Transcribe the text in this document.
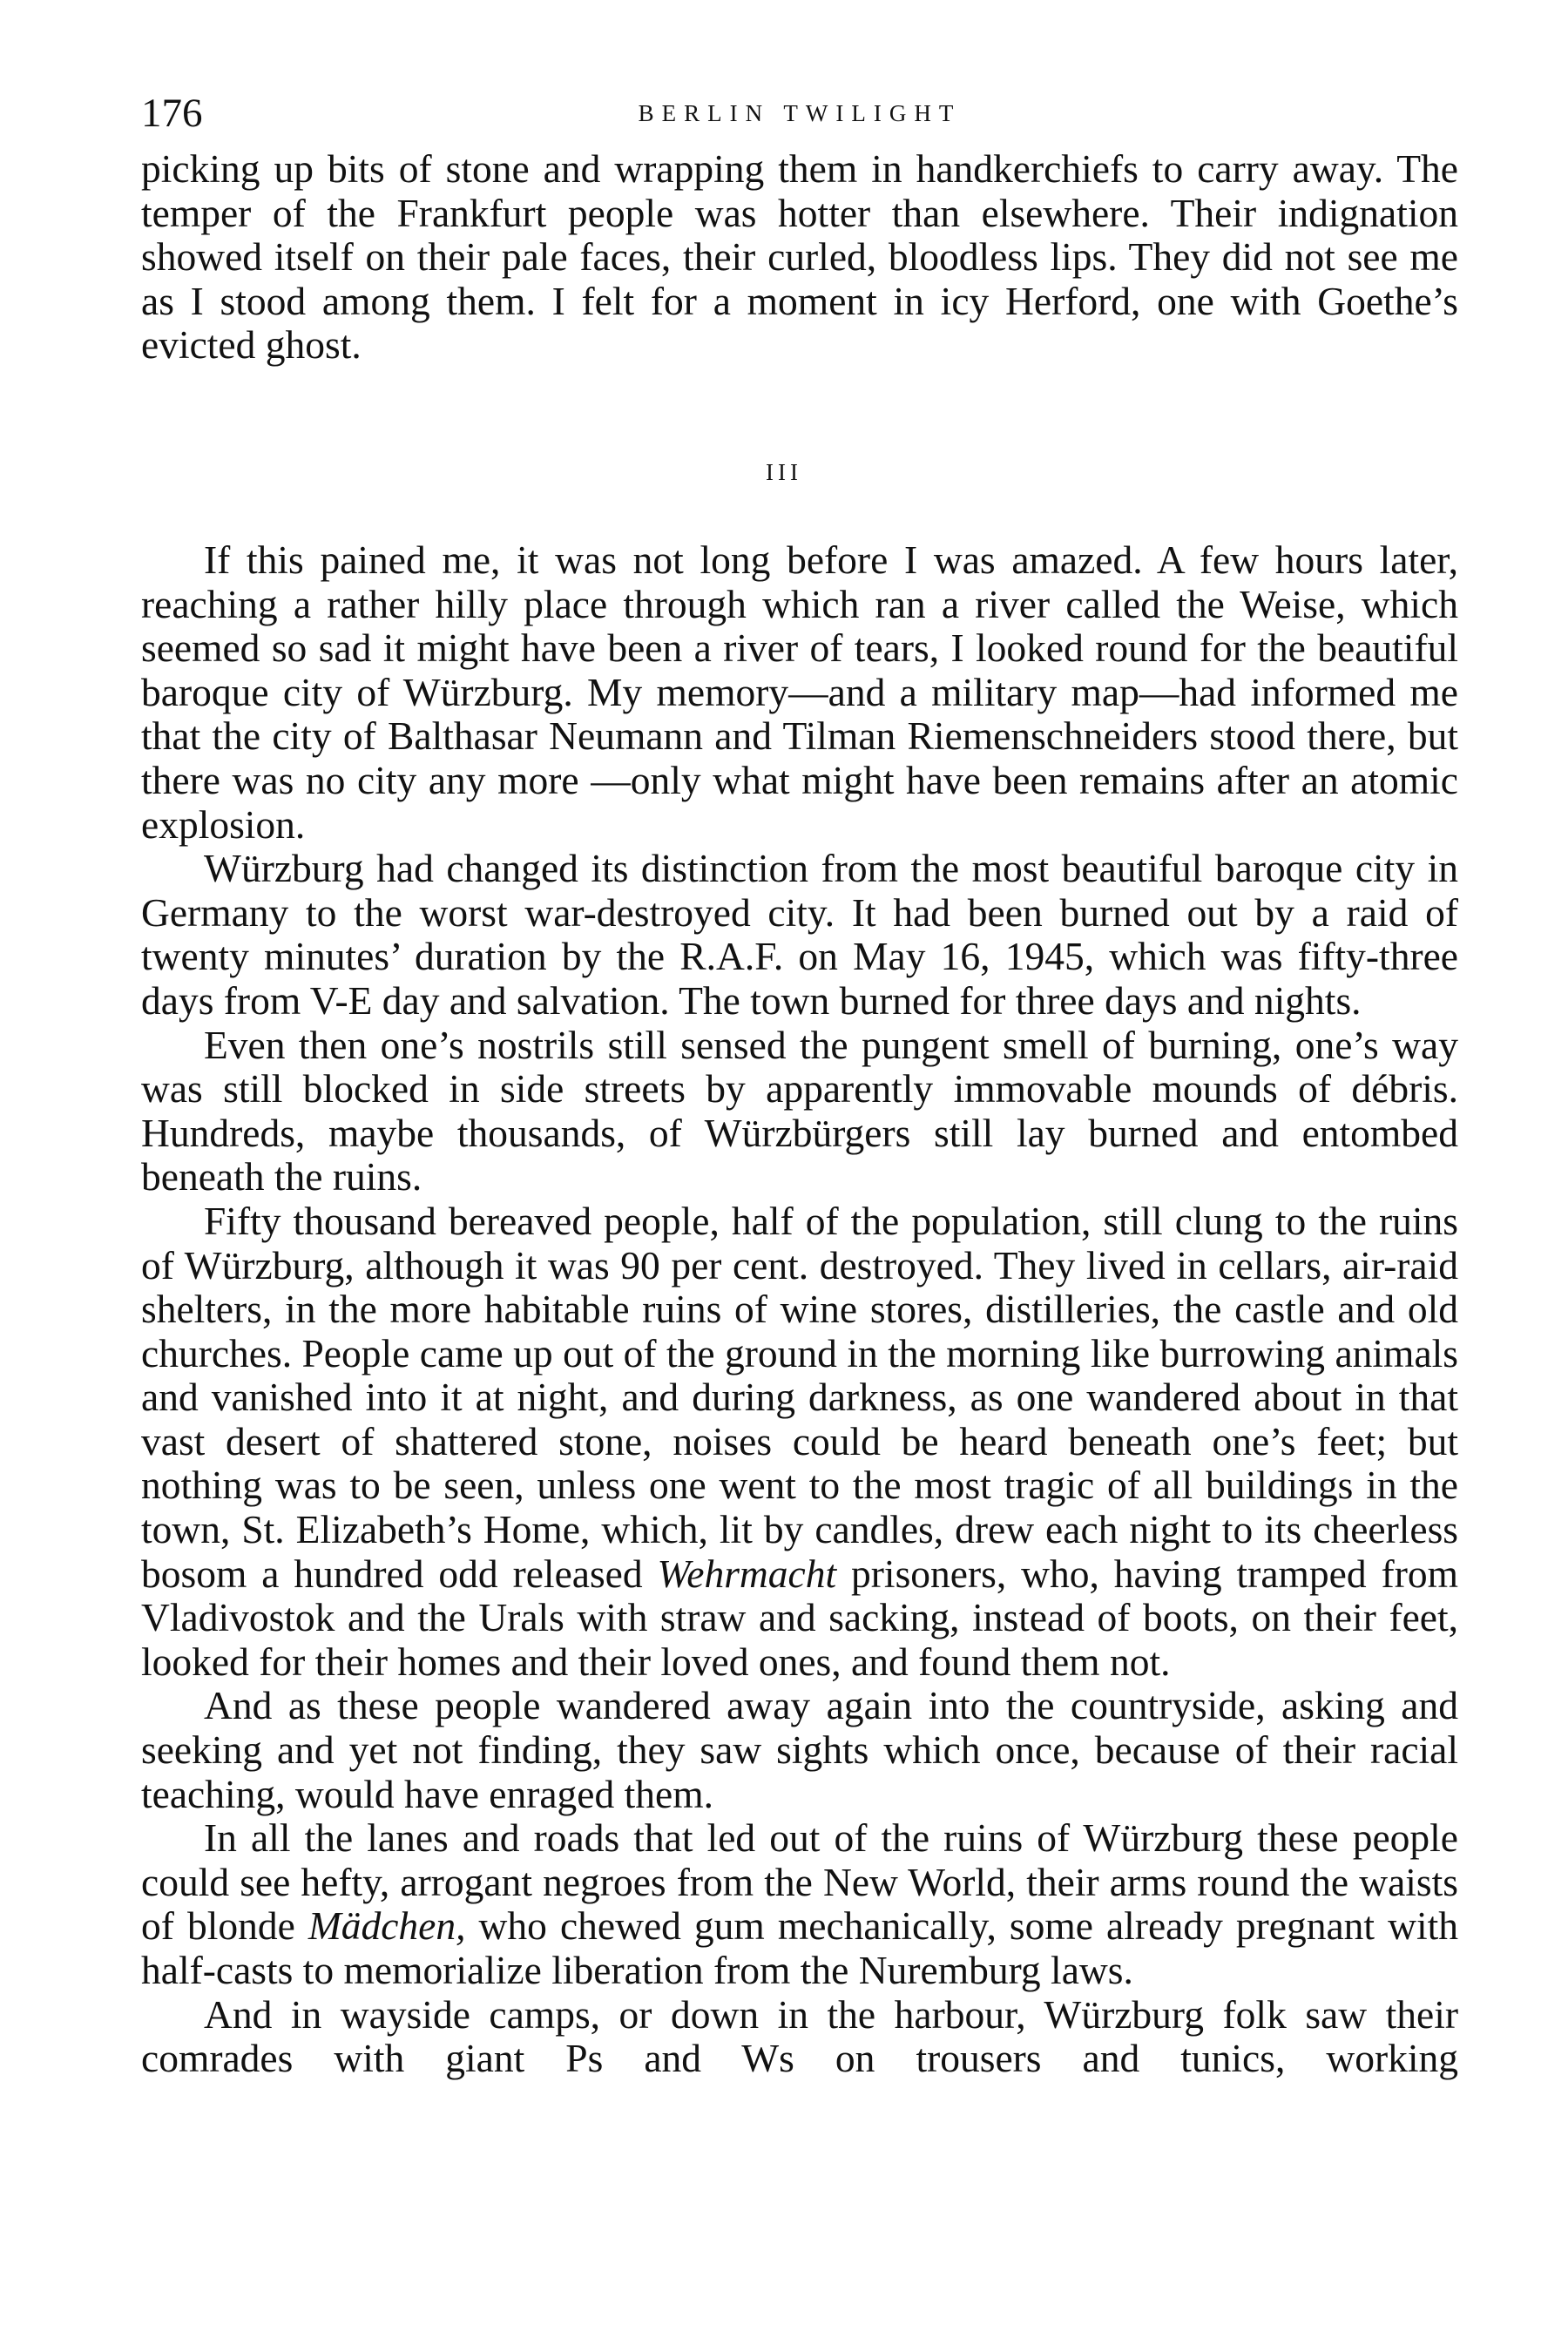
176	BERLIN TWILIGHT
picking up bits of stone and wrapping them in handkerchiefs to carry away. The temper of the Frankfurt people was hotter than elsewhere. Their indignation showed itself on their pale faces, their curled, bloodless lips. They did not see me as I stood among them. I felt for a moment in icy Herford, one with Goethe’s evicted ghost.
III
If this pained me, it was not long before I was amazed. A few hours later, reaching a rather hilly place through which ran a river called the Weise, which seemed so sad it might have been a river of tears, I looked round for the beautiful baroque city of Würzburg. My memory—and a military map—had informed me that the city of Balthasar Neumann and Tilman Riemenschneiders stood there, but there was no city any more —only what might have been remains after an atomic explosion.
Würzburg had changed its distinction from the most beautiful baroque city in Germany to the worst war-destroyed city. It had been burned out by a raid of twenty minutes’ duration by the R.A.F. on May 16, 1945, which was fifty-three days from V-E day and salvation. The town burned for three days and nights.
Even then one’s nostrils still sensed the pungent smell of burning, one’s way was still blocked in side streets by apparently immovable mounds of débris. Hundreds, maybe thousands, of Würzbürgers still lay burned and entombed beneath the ruins.
Fifty thousand bereaved people, half of the population, still clung to the ruins of Würzburg, although it was 90 per cent. destroyed. They lived in cellars, air-raid shelters, in the more habitable ruins of wine stores, distilleries, the castle and old churches. People came up out of the ground in the morning like burrowing animals and vanished into it at night, and during darkness, as one wandered about in that vast desert of shattered stone, noises could be heard beneath one’s feet; but nothing was to be seen, unless one went to the most tragic of all buildings in the town, St. Elizabeth’s Home, which, lit by candles, drew each night to its cheerless bosom a hundred odd released Wehrmacht prisoners, who, having tramped from Vladivostok and the Urals with straw and sacking, instead of boots, on their feet, looked for their homes and their loved ones, and found them not.
And as these people wandered away again into the countryside, asking and seeking and yet not finding, they saw sights which once, because of their racial teaching, would have enraged them.
In all the lanes and roads that led out of the ruins of Würzburg these people could see hefty, arrogant negroes from the New World, their arms round the waists of blonde Mädchen, who chewed gum mechanically, some already pregnant with half-casts to memorialize liberation from the Nuremburg laws.
And in wayside camps, or down in the harbour, Würzburg folk saw their comrades with giant Ps and Ws on trousers and tunics, working
